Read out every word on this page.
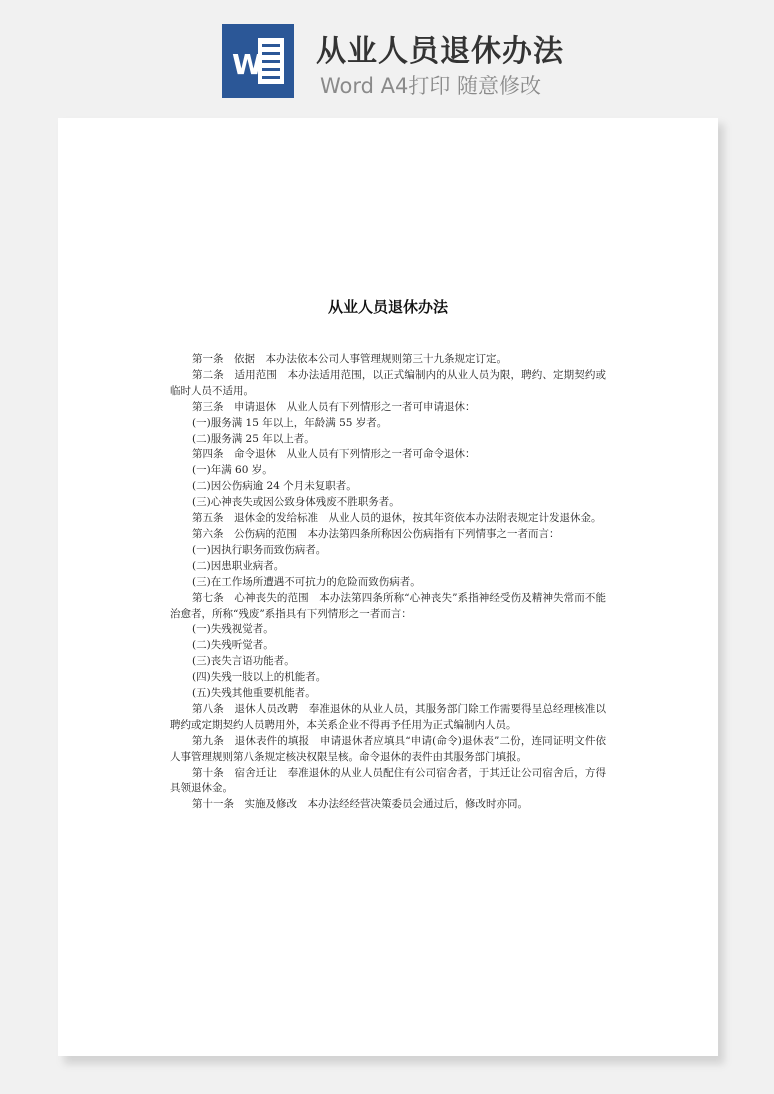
W 从业人员退休办法
Word A4打印 随意修改
从业人员退休办法

第一条　依据　本办法依本公司人事管理规则第三十九条规定订定。

第二条　适用范围　本办法适用范围，以正式编制内的从业人员为限，聘约、定期契约或临时人员不适用。

第三条　申请退休　从业人员有下列情形之一者可申请退休：

(一)服务满 15 年以上，年龄满 55 岁者。

(二)服务满 25 年以上者。

第四条　命令退休　从业人员有下列情形之一者可命令退休：

(一)年满 60 岁。

(二)因公伤病逾 24 个月未复职者。

(三)心神丧失或因公致身体残废不胜职务者。

第五条　退休金的发给标准　从业人员的退休，按其年资依本办法附表规定计发退休金。

第六条　公伤病的范围　本办法第四条所称因公伤病指有下列情事之一者而言：

(一)因执行职务而致伤病者。

(二)因患职业病者。

(三)在工作场所遭遇不可抗力的危险而致伤病者。

第七条　心神丧失的范围　本办法第四条所称“心神丧失”系指神经受伤及精神失常而不能治愈者，所称“残废”系指具有下列情形之一者而言：

(一)失残视觉者。

(二)失残听觉者。

(三)丧失言语功能者。

(四)失残一肢以上的机能者。

(五)失残其他重要机能者。

第八条　退休人员改聘　奉准退休的从业人员，其服务部门除工作需要得呈总经理核准以聘约或定期契约人员聘用外，本关系企业不得再予任用为正式编制内人员。

第九条　退休表件的填报　申请退休者应填具“申请(命令)退休表”二份，连同证明文件依人事管理规则第八条规定核决权限呈核。命令退休的表件由其服务部门填报。

第十条　宿舍迁让　奉准退休的从业人员配住有公司宿舍者，于其迁让公司宿舍后，方得具领退休金。

第十一条　实施及修改　本办法经经营决策委员会通过后，修改时亦同。
